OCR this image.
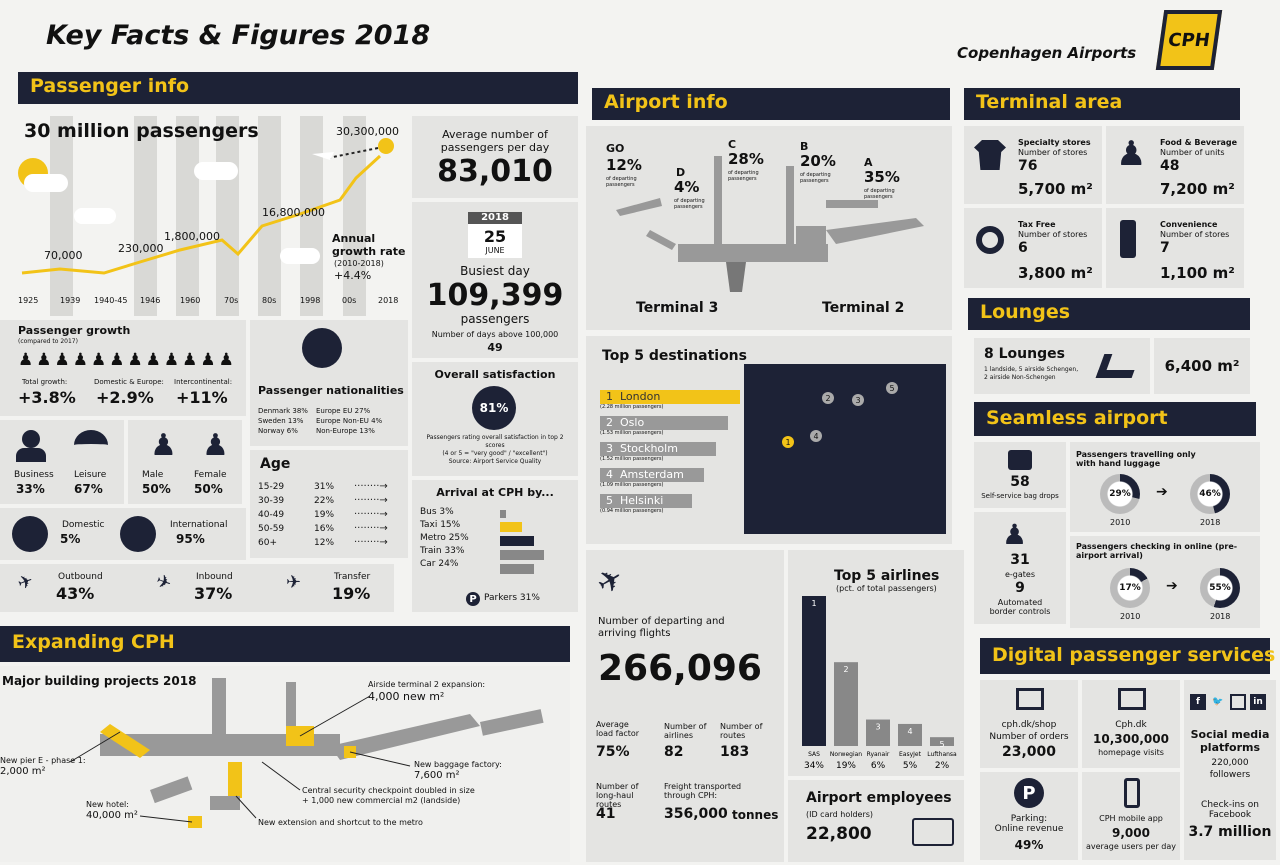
Key Facts & Figures 2018
Copenhagen Airports
CPH
Passenger info
30 million passengers
70,000
230,000
1,800,000
16,800,000
30,300,000
Annual growth rate
(2010-2018)
+4.4%
1925	1939 1940-45 1946 1960	70s	80s	1998	00s	2018
Average number of passengers per day
83,010
2018
25
JUNE
Busiest day
109,399
passengers
Number of days above 100,000
49
Passenger growth
(compared to 2017)
♟♟♟♟♟♟♟♟♟♟♟♟
Total growth:
+3.8%
Domestic & Europe:
+2.9%
Intercontinental:
+11%	Passenger nationalities
Denmark 38%
Sweden 13%
Norway 6%
Europe EU 27%
Europe Non-EU 4%
Non-Europe 13%
Overall satisfaction
81%
Passengers rating overall satisfaction in top 2 scores
(4 or 5 = "very good" / "excellent")
Source: Airport Service Quality
Business
33%
Leisure
67%
♟ ♟
Male
50%
Female
50%
Age
15-29	31%	········→
30-39	22%	········→
40-49	19%	········→
50-59	16%	········→
60+	12%	········→
Domestic
5%
International
95%
Arrival at CPH by...
Bus 3%
Taxi 15%
Metro 25%
Train 33%
Car 24%
P Parkers 31%
✈ Outbound
43%	✈ Inbound
37%
✈	Transfer
19%
Expanding CPH
Major building projects 2018	Airside terminal 2 expansion:
4,000 new m²
New pier E - phase 1:
2,000 m²
New baggage factory:
7,600 m²
Central security checkpoint doubled in size
+ 1,000 new commercial m2 (landside)
New hotel:
40,000 m²
New extension and shortcut to the metro
Airport info
GO
12%
of departing passengers
D
4%
of departing passengers
C
28%
of departing passengers
B
20%
of departing passengers
A
35%
of departing passengers
Terminal 3	Terminal 2
Top 5 destinations
1
2	3
4
5
1 London
(2.28 million passengers)
2 Oslo
(1.53 million passengers)
3 Stockholm
(1.52 million passengers)
4 Amsterdam
(1.09 million passengers)
5 Helsinki
(0.94 million passengers)
✈
Number of departing and arriving flights
266,096
Average load factor
75%
Number of airlines
82
Number of routes
183
Number of long-haul routes
41
Freight transported through CPH:
356,000 tonnes
Top 5 airlines
(pct. of total passengers)
1
SAS
34%
2
Norwegian
19%
3
Ryanair
6%
4
EasyJet
5%
5
Lufthansa
2%
Airport employees
(ID card holders)
22,800
Terminal area
Specialty stores
Number of stores
76
5,700 m²
♟ Food & Beverage
Number of units
48
7,200 m²
Tax Free
Number of stores
6
3,800 m²
Convenience
Number of stores
7
1,100 m²
Lounges
8 Lounges
1 landside, 5 airside Schengen,
2 airside Non-Schengen
6,400 m²
Seamless airport
58
Self-service bag drops
♟
31
e-gates
9
Automated border controls
Passengers travelling only with hand luggage
29%	➔	46%
2010	2018
Passengers checking in online (pre-airport arrival)
17%	➔	55%
2010	2018
Digital passenger services
cph.dk/shop
Number of orders
23,000
Cph.dk
10,300,000
homepage visits
f	🐦	in
Social media platforms
220,000
followers
Check-ins on Facebook
3.7 million
P
Parking:
Online revenue
49%
CPH mobile app
9,000
average users per day
